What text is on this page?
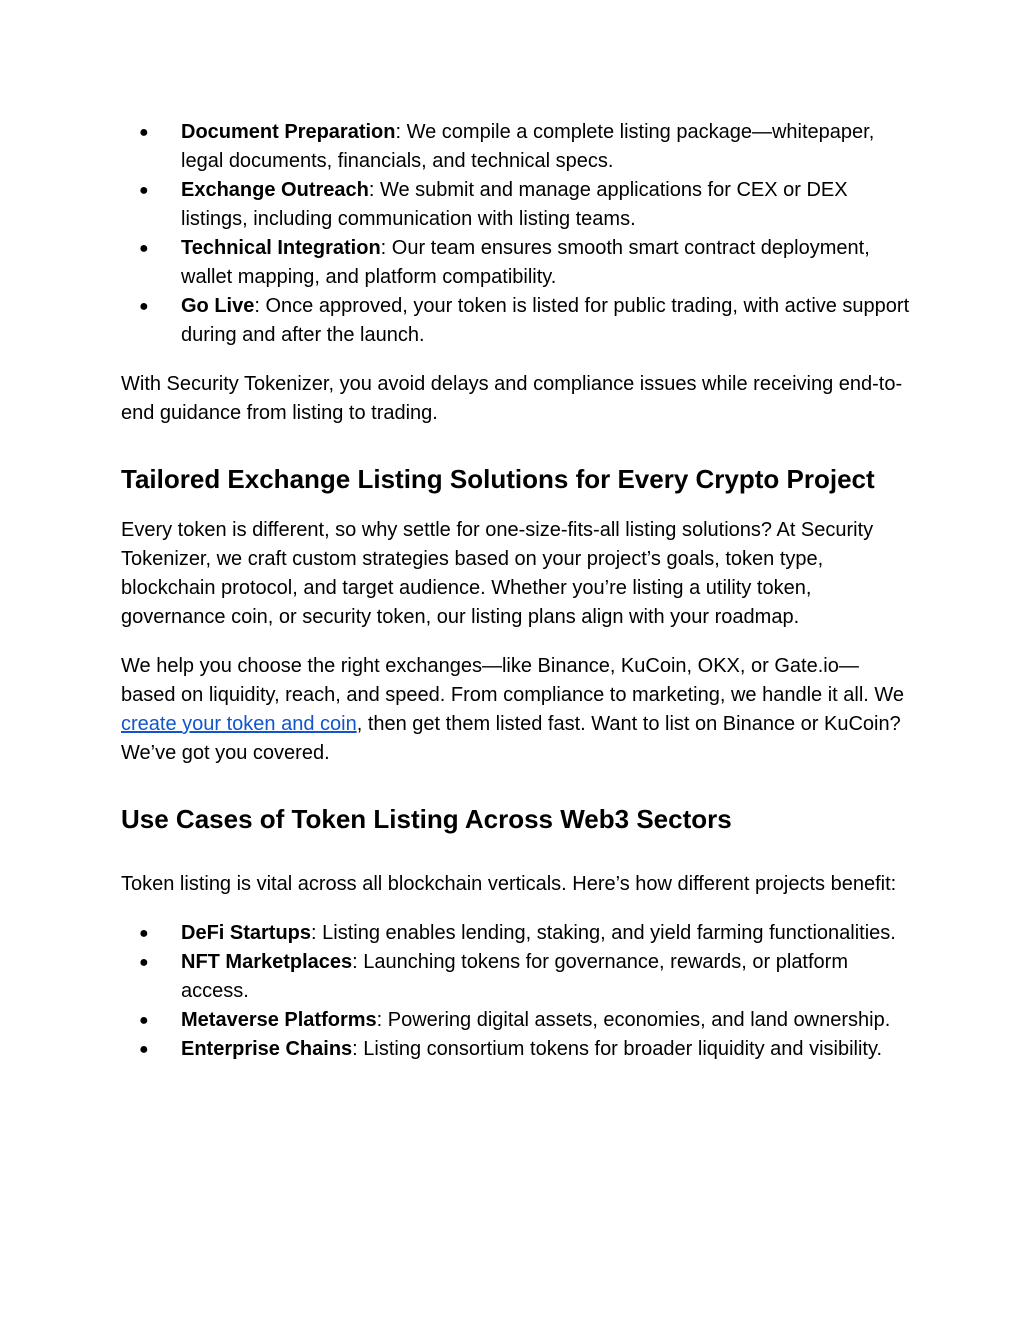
● Document Preparation: We compile a complete listing package—whitepaper, legal documents, financials, and technical specs.
● Exchange Outreach: We submit and manage applications for CEX or DEX listings, including communication with listing teams.
● Technical Integration: Our team ensures smooth smart contract deployment, wallet mapping, and platform compatibility.
● Go Live: Once approved, your token is listed for public trading, with active support during and after the launch.

With Security Tokenizer, you avoid delays and compliance issues while receiving end-to-end guidance from listing to trading.

Tailored Exchange Listing Solutions for Every Crypto Project

Every token is different, so why settle for one-size-fits-all listing solutions? At Security Tokenizer, we craft custom strategies based on your project’s goals, token type, blockchain protocol, and target audience. Whether you’re listing a utility token, governance coin, or security token, our listing plans align with your roadmap.

We help you choose the right exchanges—like Binance, KuCoin, OKX, or Gate.io—based on liquidity, reach, and speed. From compliance to marketing, we handle it all. We create your token and coin, then get them listed fast. Want to list on Binance or KuCoin? We’ve got you covered.

Use Cases of Token Listing Across Web3 Sectors

Token listing is vital across all blockchain verticals. Here’s how different projects benefit:

● DeFi Startups: Listing enables lending, staking, and yield farming functionalities.
● NFT Marketplaces: Launching tokens for governance, rewards, or platform access.
● Metaverse Platforms: Powering digital assets, economies, and land ownership.
● Enterprise Chains: Listing consortium tokens for broader liquidity and visibility.
